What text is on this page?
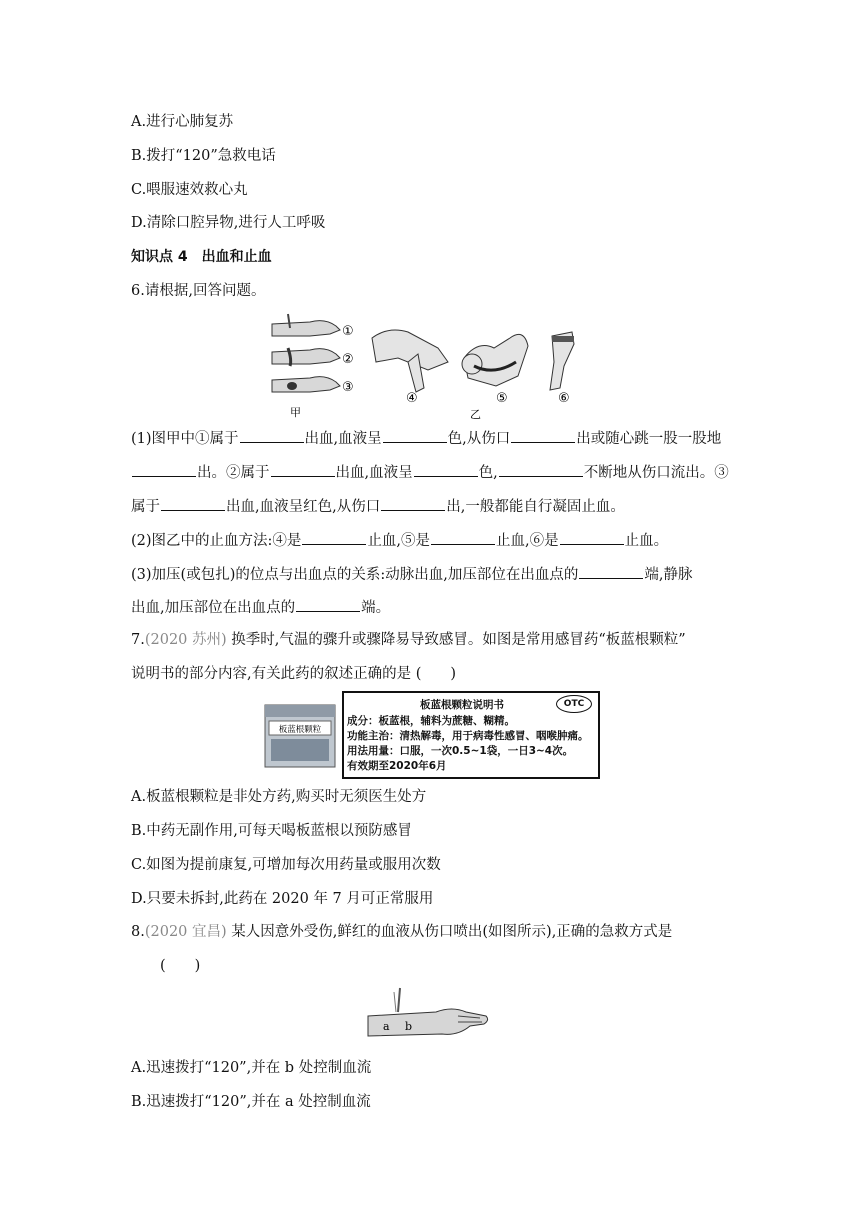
A.进行心肺复苏
B.拨打“120”急救电话
C.喂服速效救心丸
D.清除口腔异物,进行人工呼吸
知识点 4　出血和止血
6.请根据,回答问题。
①
②
③
甲
④	⑤	⑥
乙
(1)图甲中①属于	出血,血液呈	色,从伤口	出或随心跳一股一股地
出。②属于	出血,血液呈	色,	不断地从伤口流出。③
属于	出血,血液呈红色,从伤口	出,一般都能自行凝固止血。
(2)图乙中的止血方法:④是	止血,⑤是	止血,⑥是	止血。
(3)加压(或包扎)的位点与出血点的关系:动脉出血,加压部位在出血点的	端,静脉
出血,加压部位在出血点的	端。
7.(2020 苏州) 换季时,气温的骤升或骤降易导致感冒。如图是常用感冒药“板蓝根颗粒”
说明书的部分内容,有关此药的叙述正确的是 (　　)
板蓝根颗粒
板蓝根颗粒说明书	OTC
成分：板蓝根，辅料为蔗糖、糊精。
功能主治：清热解毒，用于病毒性感冒、咽喉肿痛。
用法用量：口服，一次0.5~1袋，一日3~4次。
有效期至2020年6月
A.板蓝根颗粒是非处方药,购买时无须医生处方
B.中药无副作用,可每天喝板蓝根以预防感冒
C.如图为提前康复,可增加每次用药量或服用次数
D.只要未拆封,此药在 2020 年 7 月可正常服用
8.(2020 宜昌) 某人因意外受伤,鲜红的血液从伤口喷出(如图所示),正确的急救方式是
(　　)
a b
A.迅速拨打“120”,并在 b 处控制血流
B.迅速拨打“120”,并在 a 处控制血流
